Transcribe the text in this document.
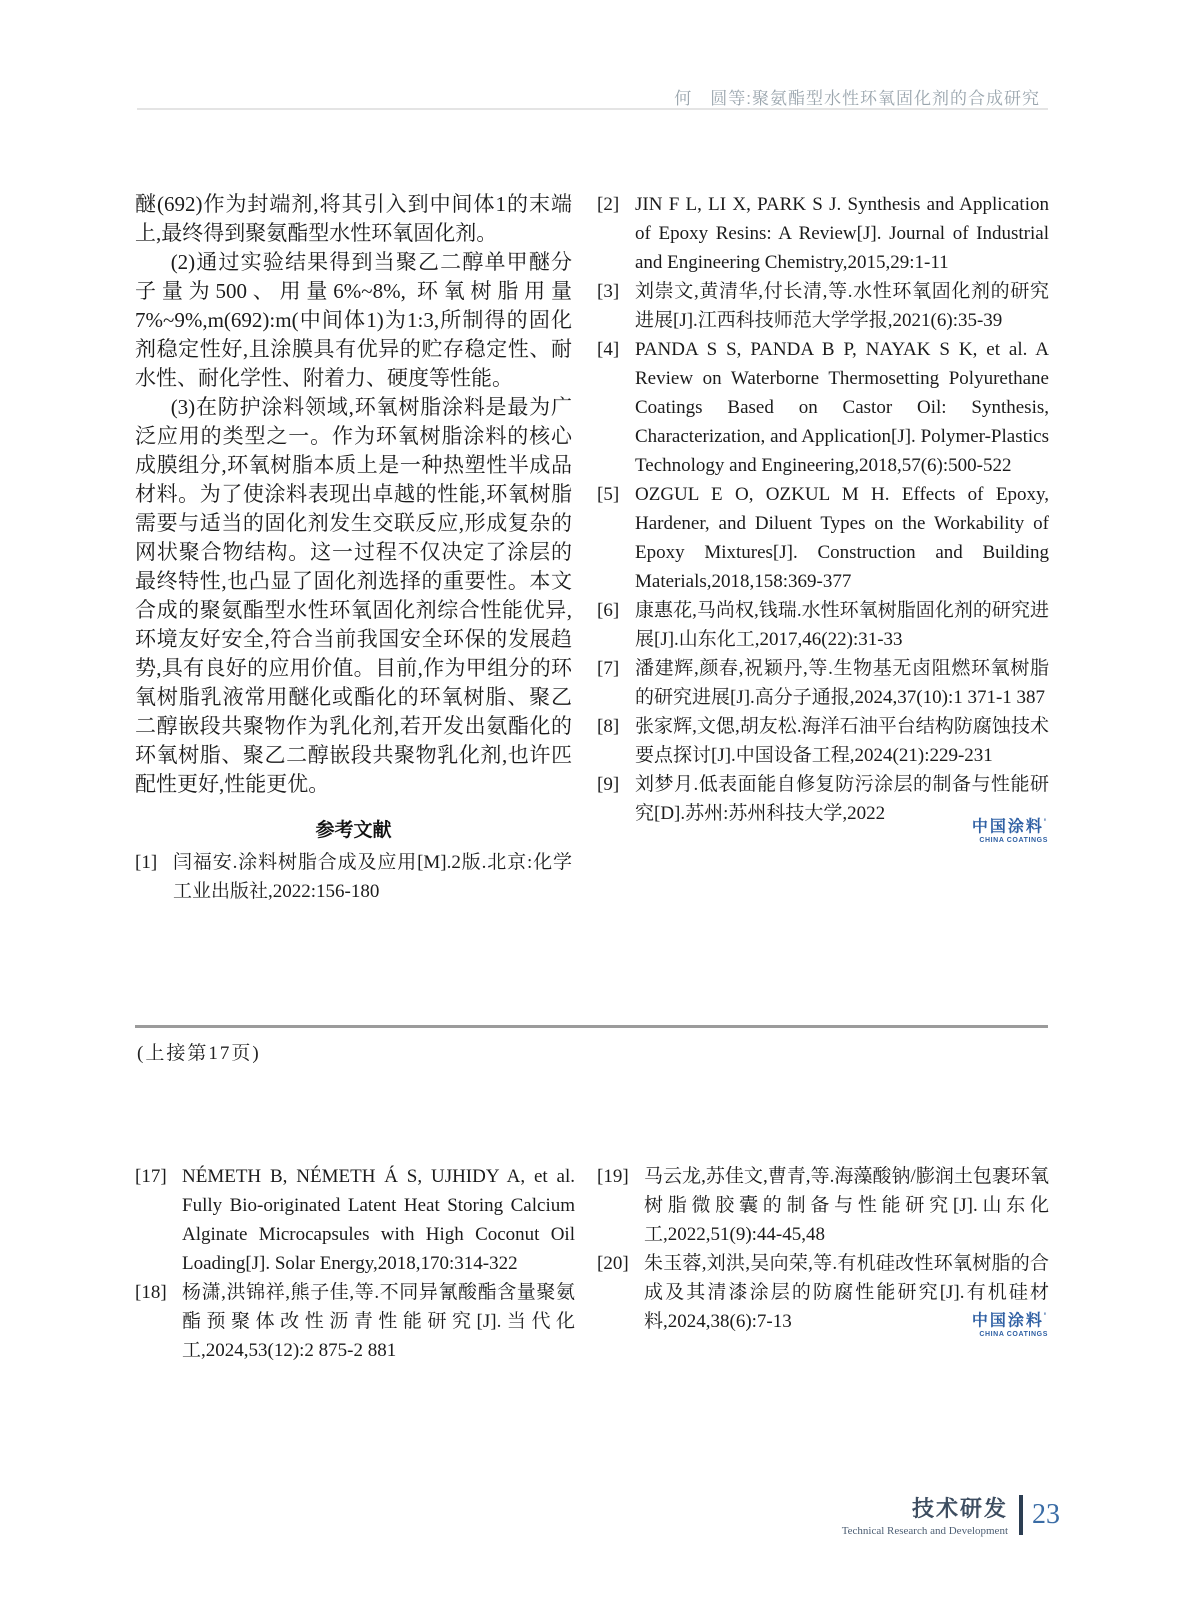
何　圆等:聚氨酯型水性环氧固化剂的合成研究

醚(692)作为封端剂,将其引入到中间体1的末端上,最终得到聚氨酯型水性环氧固化剂。

(2)通过实验结果得到当聚乙二醇单甲醚分子量为500、用量6%~8%, 环氧树脂用量7%~9%,m(692):m(中间体1)为1:3,所制得的固化剂稳定性好,且涂膜具有优异的贮存稳定性、耐水性、耐化学性、附着力、硬度等性能。

(3)在防护涂料领域,环氧树脂涂料是最为广泛应用的类型之一。作为环氧树脂涂料的核心成膜组分,环氧树脂本质上是一种热塑性半成品材料。为了使涂料表现出卓越的性能,环氧树脂需要与适当的固化剂发生交联反应,形成复杂的网状聚合物结构。这一过程不仅决定了涂层的最终特性,也凸显了固化剂选择的重要性。本文合成的聚氨酯型水性环氧固化剂综合性能优异,环境友好安全,符合当前我国安全环保的发展趋势,具有良好的应用价值。目前,作为甲组分的环氧树脂乳液常用醚化或酯化的环氧树脂、聚乙二醇嵌段共聚物作为乳化剂,若开发出氨酯化的环氧树脂、聚乙二醇嵌段共聚物乳化剂,也许匹配性更好,性能更优。

参考文献
[1] 闫福安.涂料树脂合成及应用[M].2版.北京:化学工业出版社,2022:156-180
[2] JIN F L, LI X, PARK S J. Synthesis and Application of Epoxy Resins: A Review[J]. Journal of Industrial and Engineering Chemistry,2015,29:1-11
[3] 刘崇文,黄清华,付长清,等.水性环氧固化剂的研究进展[J].江西科技师范大学学报,2021(6):35-39
[4] PANDA S S, PANDA B P, NAYAK S K, et al. A Review on Waterborne Thermosetting Polyurethane Coatings Based on Castor Oil: Synthesis, Characterization, and Application[J]. Polymer-Plastics Technology and Engineering,2018,57(6):500-522
[5] OZGUL E O, OZKUL M H. Effects of Epoxy, Hardener, and Diluent Types on the Workability of Epoxy Mixtures[J]. Construction and Building Materials,2018,158:369-377
[6] 康惠花,马尚权,钱瑞.水性环氧树脂固化剂的研究进展[J].山东化工,2017,46(22):31-33
[7] 潘建辉,颜春,祝颖丹,等.生物基无卤阻燃环氧树脂的研究进展[J].高分子通报,2024,37(10):1 371-1 387
[8] 张家辉,文偲,胡友松.海洋石油平台结构防腐蚀技术要点探讨[J].中国设备工程,2024(21):229-231
[9] 刘梦月.低表面能自修复防污涂层的制备与性能研究[D].苏州:苏州科技大学,2022
中国涂料 '
CHINA COATINGS
(上接第17页)
[17] NÉMETH B, NÉMETH Á S, UJHIDY A, et al. Fully Bio-originated Latent Heat Storing Calcium Alginate Microcapsules with High Coconut Oil Loading[J]. Solar Energy,2018,170:314-322
[18] 杨潇,洪锦祥,熊子佳,等.不同异氰酸酯含量聚氨酯预聚体改性沥青性能研究[J].当代化工,2024,53(12):2 875-2 881
[19] 马云龙,苏佳文,曹青,等.海藻酸钠/膨润土包裹环氧树脂微胶囊的制备与性能研究[J].山东化工,2022,51(9):44-45,48
[20] 朱玉蓉,刘洪,吴向荣,等.有机硅改性环氧树脂的合成及其清漆涂层的防腐性能研究[J].有机硅材料,2024,38(6):7-13	中国涂料 '
CHINA COATINGS
技术研发
Technical Research and Development
23
